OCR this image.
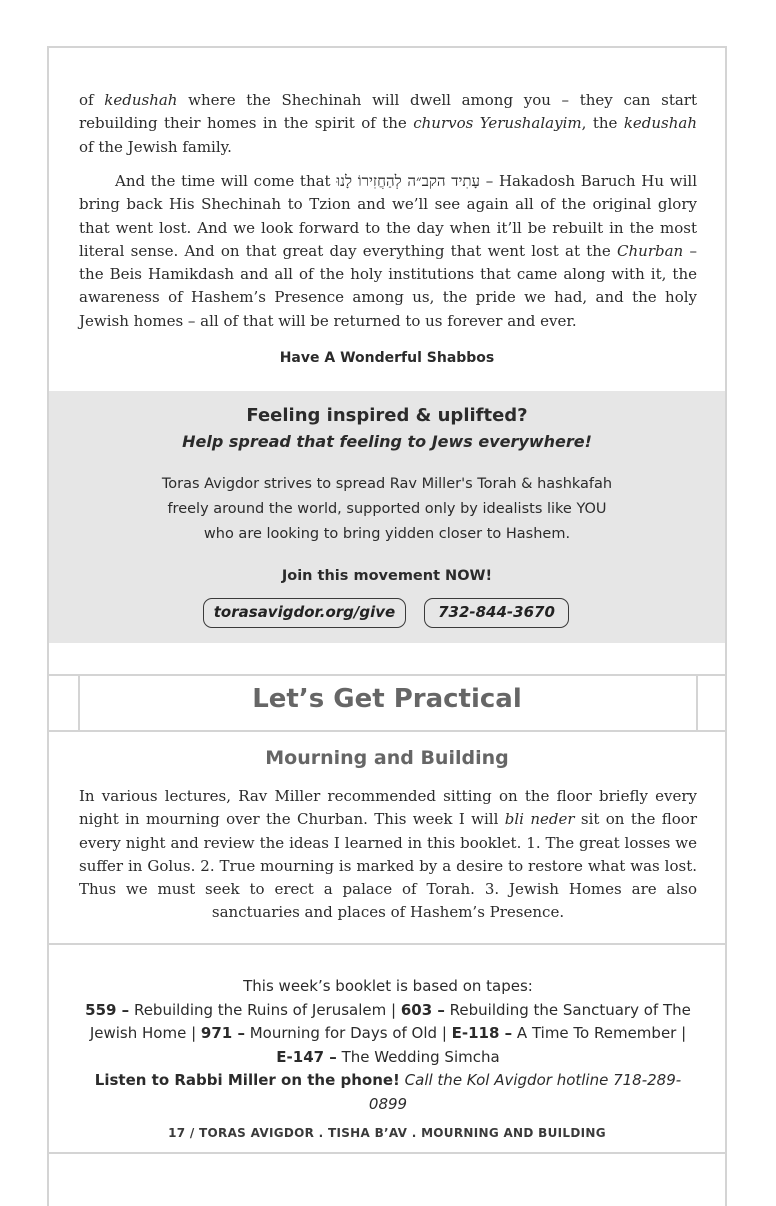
of kedushah where the Shechinah will dwell among you – they can start rebuilding their homes in the spirit of the churvos Yerushalayim, the kedushah of the Jewish family.

And the time will come that עָתִיד הקב״ה לְהַחֲזִירוֹ לָנוּ – Hakadosh Baruch Hu will bring back His Shechinah to Tzion and we’ll see again all of the original glory that went lost. And we look forward to the day when it’ll be rebuilt in the most literal sense. And on that great day everything that went lost at the Churban – the Beis Hamikdash and all of the holy institutions that came along with it, the awareness of Hashem’s Presence among us, the pride we had, and the holy Jewish homes – all of that will be returned to us forever and ever.

Have A Wonderful Shabbos
Feeling inspired & uplifted?
Help spread that feeling to Jews everywhere!
Toras Avigdor strives to spread Rav Miller's Torah & hashkafah
freely around the world, supported only by idealists like YOU
who are looking to bring yidden closer to Hashem.
Join this movement NOW!
torasavigdor.org/give	732-844-3670
Let’s Get Practical
Mourning and Building

In various lectures, Rav Miller recommended sitting on the floor briefly every night in mourning over the Churban. This week I will bli neder sit on the floor every night and review the ideas I learned in this booklet. 1. The great losses we suffer in Golus. 2. True mourning is marked by a desire to restore what was lost. Thus we must seek to erect a palace of Torah. 3. Jewish Homes are also sanctuaries and places of Hashem’s Presence.

This week’s booklet is based on tapes:
559 – Rebuilding the Ruins of Jerusalem | 603 – Rebuilding the Sanctuary of The Jewish Home | 971 – Mourning for Days of Old | E-118 – A Time To Remember | E-147 – The Wedding Simcha
Listen to Rabbi Miller on the phone! Call the Kol Avigdor hotline 718-289-0899
17 / TORAS AVIGDOR . TISHA B’AV . MOURNING AND BUILDING
